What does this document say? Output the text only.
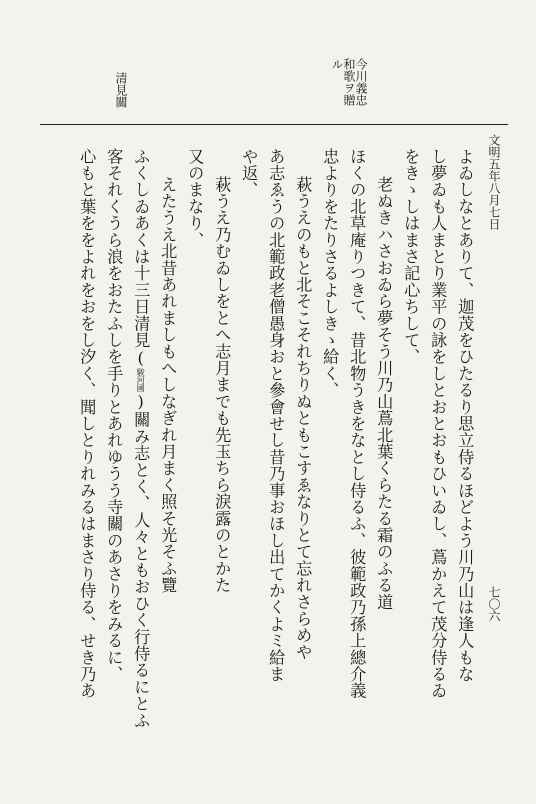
ル
和歌ヲ贈
今川義忠
清見關
文明五年八月七日
七〇六
よゐしなとありて、迦茂をひたるり思立侍るほどよう川乃山は逢人もな
し夢ゐも人まとり業平の詠をしとおとおもひいゐし、蔦かえて茂分侍るゐ
をきゝしはまさ記心ちして、
老ぬきハさおゐら夢そう川乃山蔦北葉くらたる霜のふる道
ほくの北草庵りつきて、昔北物うきをなとし侍るふ、彼範政乃孫上總介義
忠よりをたりさるよしきゝ給く、
萩うえのもと北そこそれちりぬともこすゑなりとて忘れさらめや
あ志ゑうの北範政老僧愚身おと參會せし昔乃事おほし出てかくよミ給ま
や返、
萩うえ乃むゐしをとへ志月までも先玉ちら淚露のとかた
又のまなり、
えたうえ北昔あれましもへしなぎれ月まく照そ光そふ覽
ふくしゐあくは十三日清見(駿河國)關み志とく、人々ともおひく行侍るにとふ
客それくうら浪をおたふしを手りとあれゆうう寺關のあさりをみるに、
心もと葉ををよれをおをし汐く、聞しとりれみるはまさり侍る、せき乃あ
